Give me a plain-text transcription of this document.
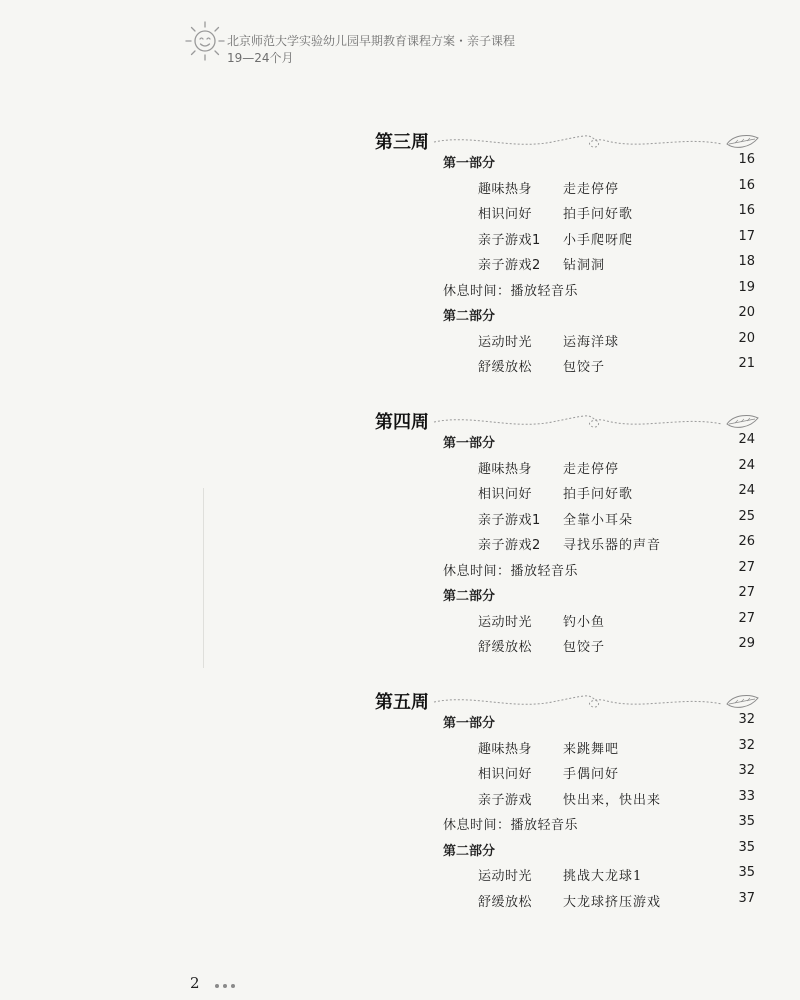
北京师范大学实验幼儿园早期教育课程方案・亲子课程
19—24个月
第三周
第一部分	16
趣味热身 走走停停	16
相识问好 拍手问好歌	16
亲子游戏1 小手爬呀爬	17
亲子游戏2 钻洞洞	18
休息时间：播放轻音乐	19
第二部分	20
运动时光 运海洋球	20
舒缓放松 包饺子	21
第四周
第一部分	24
趣味热身 走走停停	24
相识问好 拍手问好歌	24
亲子游戏1 全靠小耳朵	25
亲子游戏2 寻找乐器的声音	26
休息时间：播放轻音乐	27
第二部分	27
运动时光 钓小鱼	27
舒缓放松 包饺子	29
第五周
第一部分	32
趣味热身 来跳舞吧	32
相识问好 手偶问好	32
亲子游戏 快出来，快出来	33
休息时间：播放轻音乐	35
第二部分	35
运动时光 挑战大龙球1	35
舒缓放松 大龙球挤压游戏	37
2
